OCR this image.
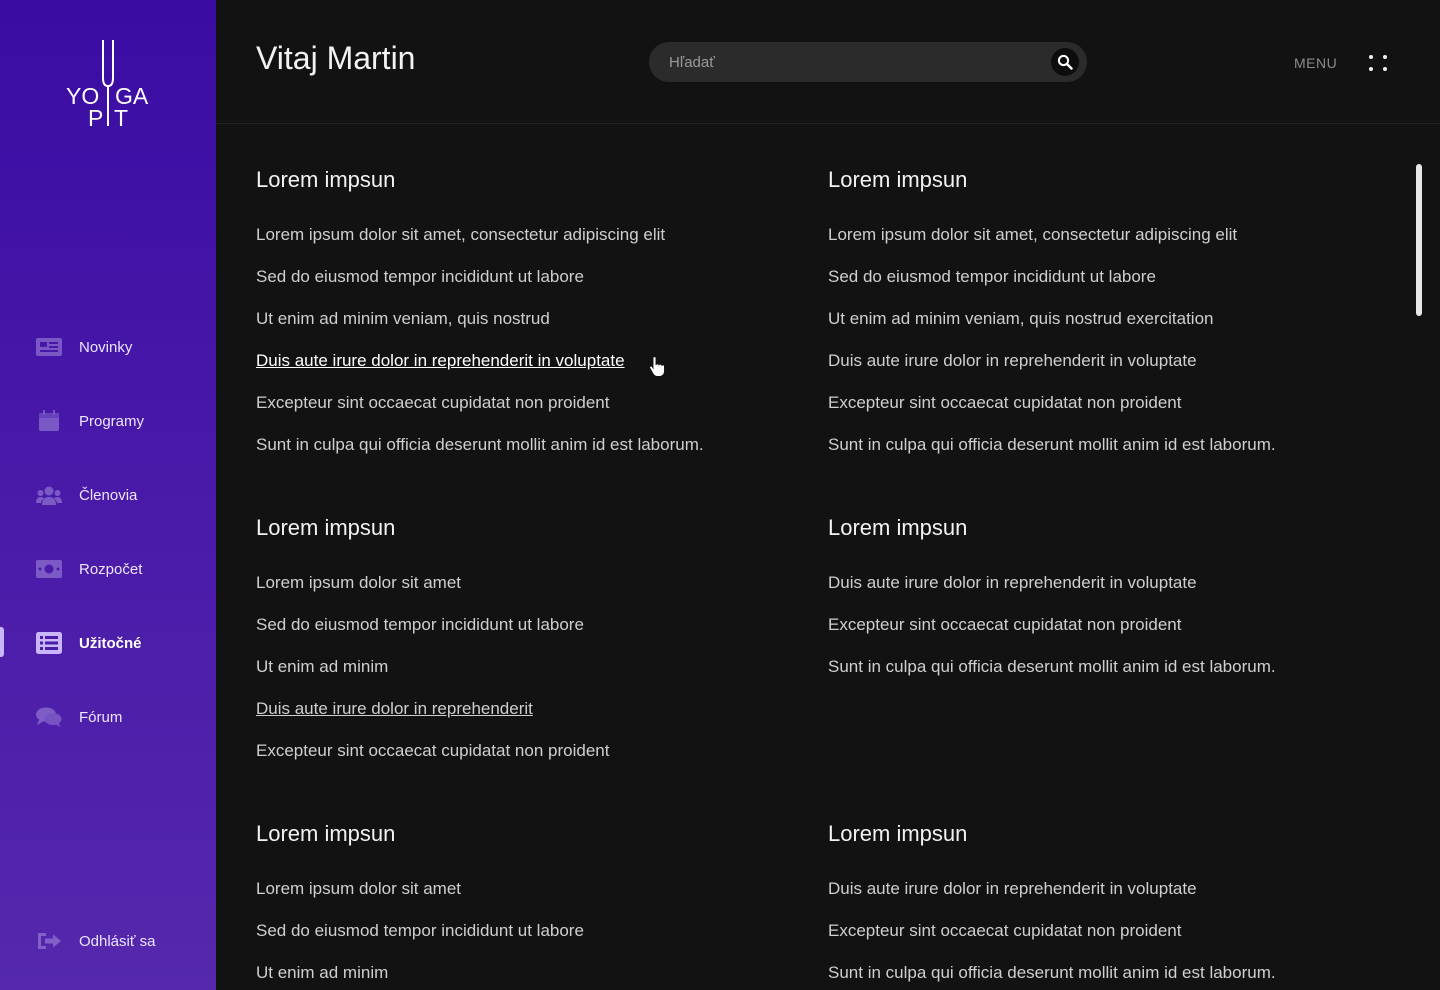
YO GA
P T
Novinky
Programy
Členovia
Rozpočet
Užitočné
Fórum
Odhlásiť sa
Vitaj Martin
Hľadať	MENU
Lorem impsun
Lorem ipsum dolor sit amet, consectetur adipiscing elit
Sed do eiusmod tempor incididunt ut labore
Ut enim ad minim veniam, quis nostrud
Duis aute irure dolor in reprehenderit in voluptate
Excepteur sint occaecat cupidatat non proident
Sunt in culpa qui officia deserunt mollit anim id est laborum.
Lorem impsun
Lorem ipsum dolor sit amet, consectetur adipiscing elit
Sed do eiusmod tempor incididunt ut labore
Ut enim ad minim veniam, quis nostrud exercitation
Duis aute irure dolor in reprehenderit in voluptate
Excepteur sint occaecat cupidatat non proident
Sunt in culpa qui officia deserunt mollit anim id est laborum.
Lorem impsun
Lorem ipsum dolor sit amet
Sed do eiusmod tempor incididunt ut labore
Ut enim ad minim
Duis aute irure dolor in reprehenderit
Excepteur sint occaecat cupidatat non proident
Lorem impsun
Duis aute irure dolor in reprehenderit in voluptate
Excepteur sint occaecat cupidatat non proident
Sunt in culpa qui officia deserunt mollit anim id est laborum.
Lorem impsun
Lorem ipsum dolor sit amet
Sed do eiusmod tempor incididunt ut labore
Ut enim ad minim
Lorem impsun
Duis aute irure dolor in reprehenderit in voluptate
Excepteur sint occaecat cupidatat non proident
Sunt in culpa qui officia deserunt mollit anim id est laborum.
